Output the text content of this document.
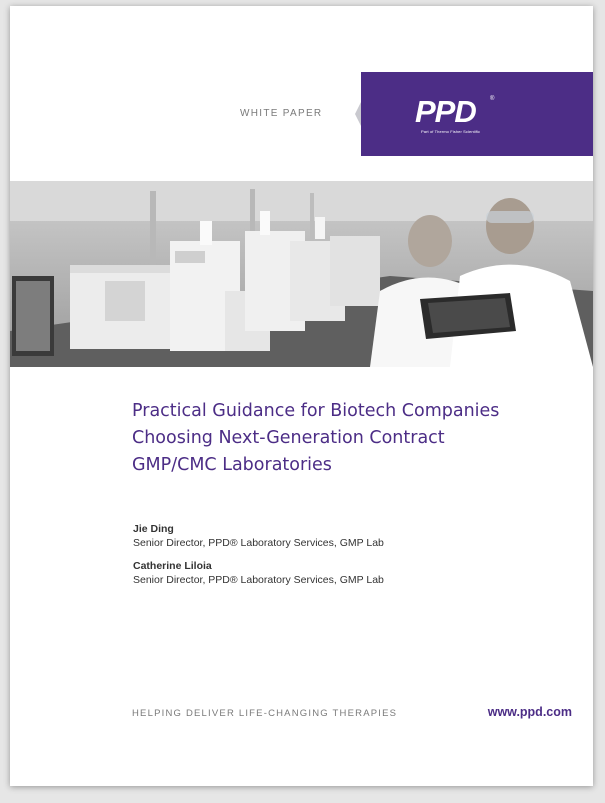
WHITE PAPER	PPD ®
Part of Thermo Fisher Scientific
Practical Guidance for Biotech Companies
Choosing Next-Generation Contract
GMP/CMC Laboratories
Jie Ding
Senior Director, PPD® Laboratory Services, GMP Lab
Catherine Liloia
Senior Director, PPD® Laboratory Services, GMP Lab
HELPING DELIVER LIFE-CHANGING THERAPIES	www.ppd.com
